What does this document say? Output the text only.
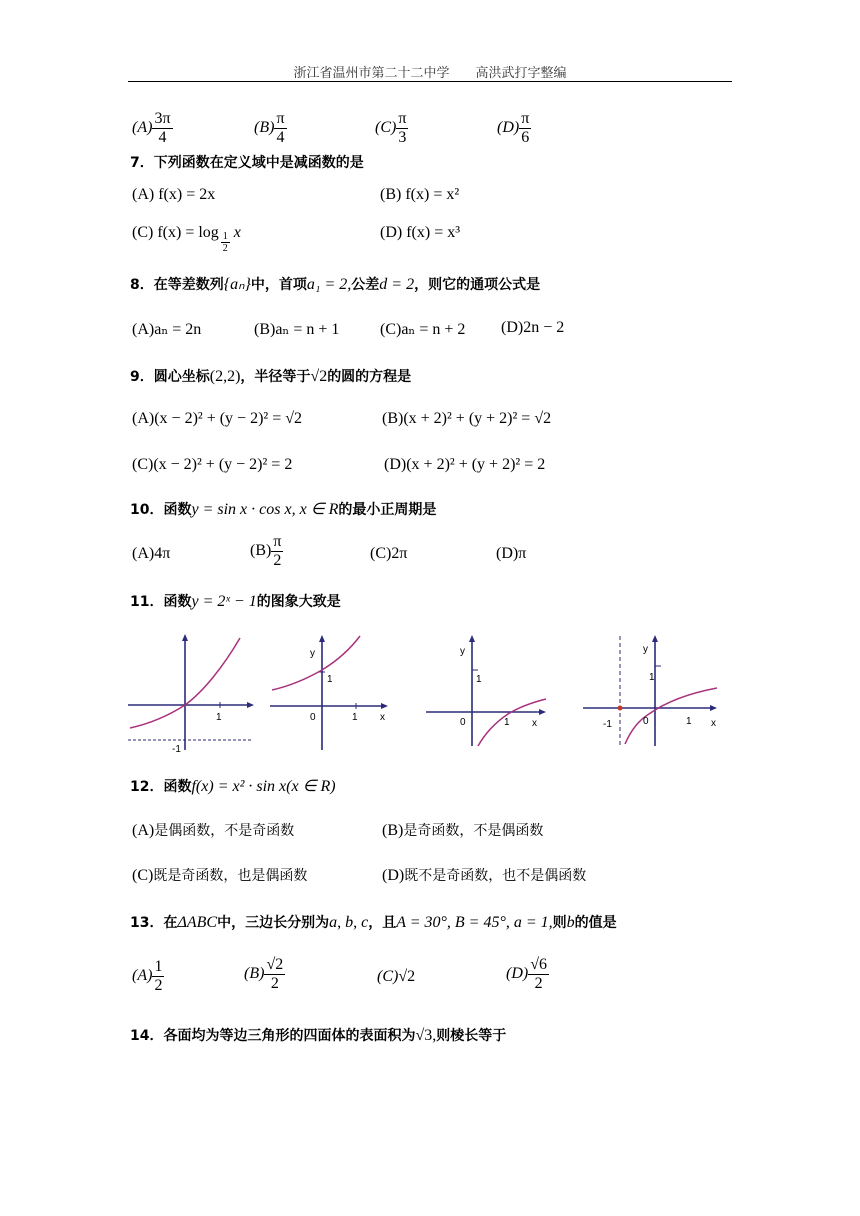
浙江省温州市第二十二中学　　高洪武打字整编
$(A) \frac{3\pi}{4}$	$(B) \frac{\pi}{4}$	$(C) \frac{\pi}{3}$	$(D) \frac{\pi}{6}$
7．下列函数在定义域中是减函数的是
(A) f(x) = 2x	(B) f(x) = x²
(C) $f(x) = \log \frac{1}{2}$ x	(D) f(x) = x³
8．在等差数列{aₙ}中，首项a₁ = 2,公差d = 2，则它的通项公式是
(A)aₙ = 2n	(B)aₙ = n + 1	(C)aₙ = n + 2 (D)2n − 2
9．圆心坐标(2,2)，半径等于√2的圆的方程是
(A)(x − 2)² + (y − 2)² = √2	(B)(x + 2)² + (y + 2)² = √2
(C)(x − 2)² + (y − 2)² = 2	(D)(x + 2)² + (y + 2)² = 2
10．函数y = sin x · cos x, x ∈ R的最小正周期是
(A)4π	$(B) \frac{\pi}{2}$	(C)2π	(D)π
11．函数y = 2ˣ − 1的图象大致是
1
-1
y
1
0	1 x
y
1
0	1 x
y
1
-1	0	1 x
12．函数f(x) = x² · sin x(x ∈ R)
(A)是偶函数，不是奇函数	(B)是奇函数，不是偶函数
(C)既是奇函数，也是偶函数	(D)既不是奇函数，也不是偶函数
13．在ΔABC中，三边长分别为a, b, c，且A = 30°, B = 45°, a = 1,则b的值是
$(A) \frac{1}{2}$	$(B) \frac{√2}{2}$	(C)√2	$(D) \frac{√6}{2}$
14．各面均为等边三角形的四面体的表面积为√3,则棱长等于
